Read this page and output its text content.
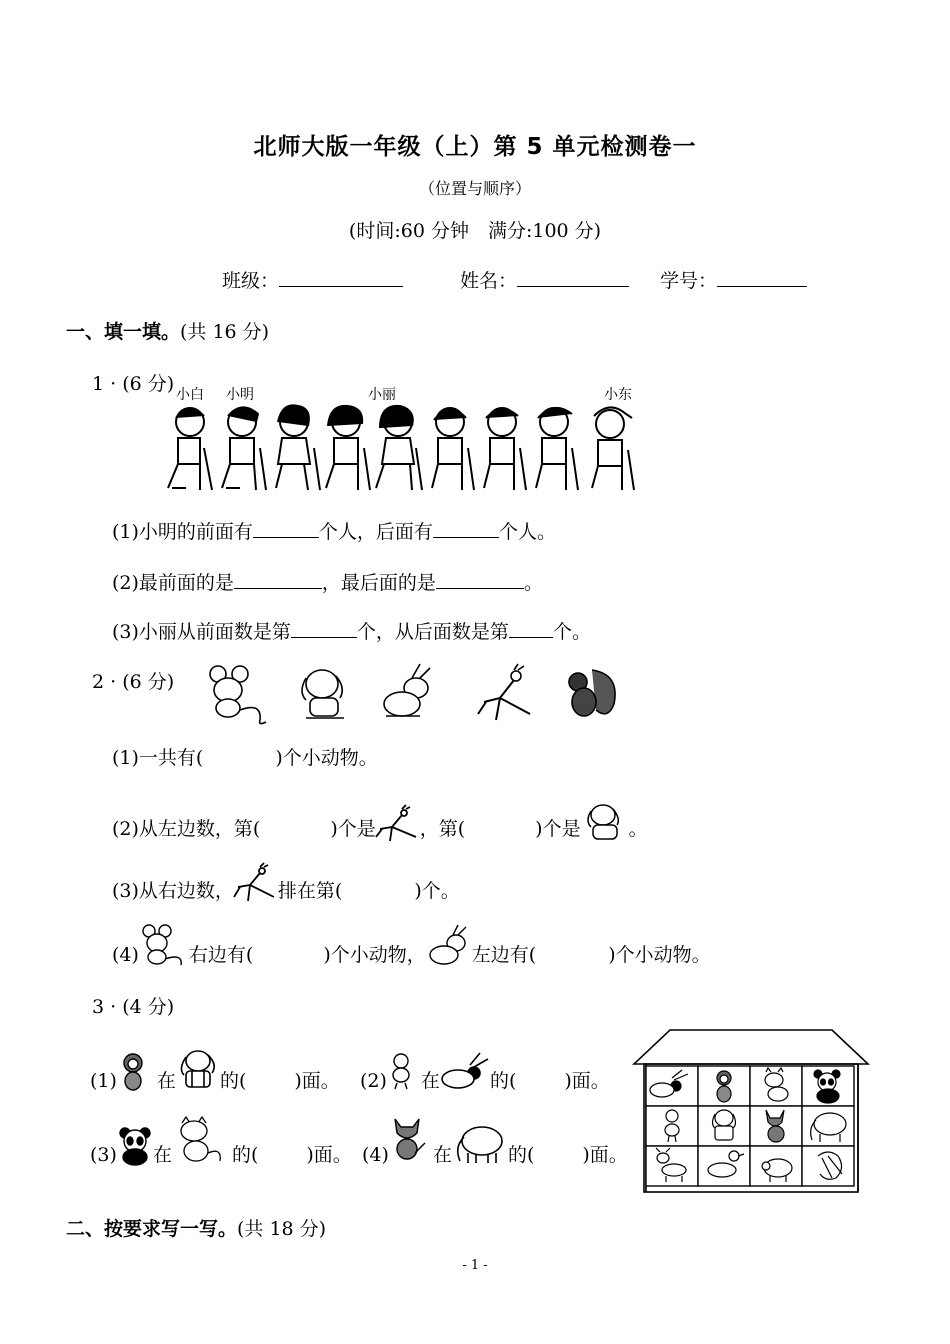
北师大版一年级（上）第 5 单元检测卷一
（位置与顺序）
(时间:60 分钟　满分:100 分)
班级：	姓名：	学号：
一、填一填。(共 16 分)
1 · (6 分) 小白 小明	小丽	小东
(1)小明的前面有	个人，后面有	个人。
(2)最前面的是	，最后面的是	。
(3)小丽从前面数是第	个，从后面数是第 个。
2 · (6 分)
(1)一共有(	)个小动物。
(2)从左边数，第(	)个是 ，第(	)个是	。
(3)从右边数， 排在第(	)个。
(4)	右边有(	)个小动物， 左边有(	)个小动物。
3 · (4 分)
(1) 在 的(	)面。 (2) 在	的(	)面。
(3) 在	的(	)面。 (4) 在	的(	)面。
二、按要求写一写。(共 18 分)
- 1 -
